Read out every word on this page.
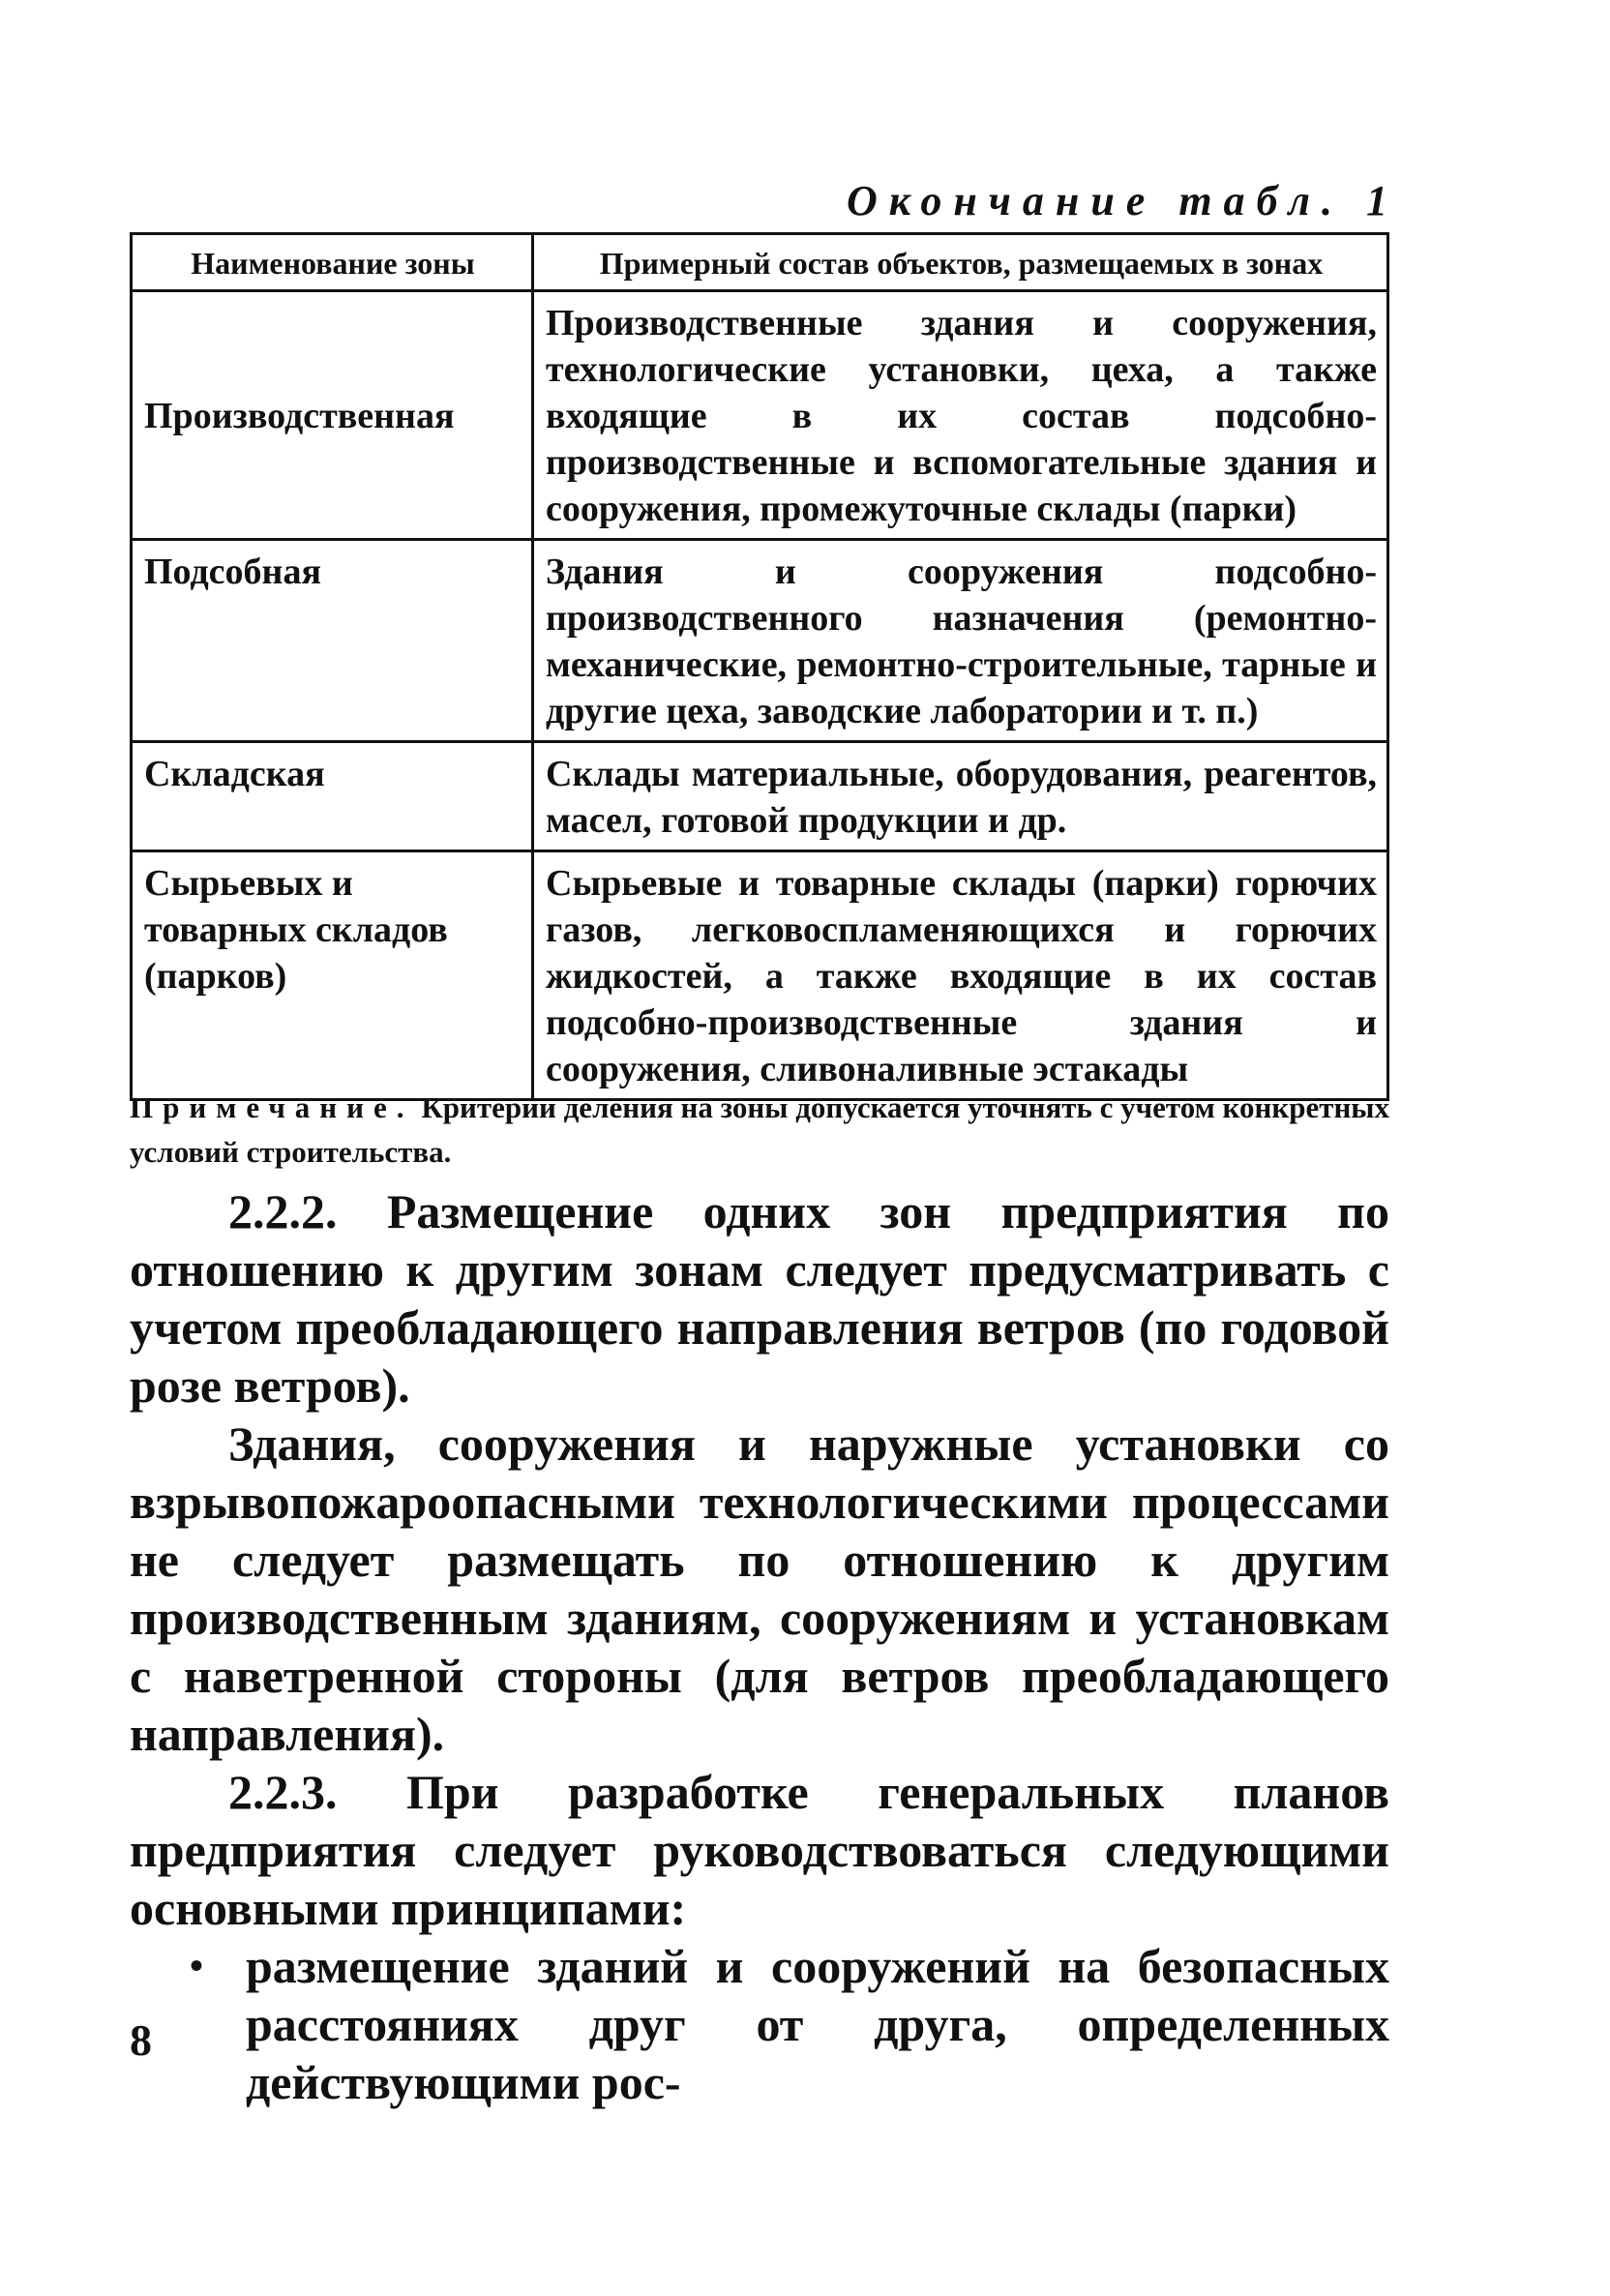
Окончание табл. 1
Наименование зоны	Примерный состав объектов, размещаемых в зонах
Производственная	Производственные здания и сооружения, технологические установки, цеха, а также входящие в их состав подсобно-производственные и вспомогательные здания и сооружения, промежуточные склады (парки)
Подсобная	Здания и сооружения подсобно-производственного назначения (ремонтно-механические, ремонтно-строительные, тарные и другие цеха, заводские лаборатории и т. п.)
Складская	Склады материальные, оборудования, реагентов, масел, готовой продукции и др.
Сырьевых и товарных складов (парков)	Сырьевые и товарные склады (парки) горючих газов, легковоспламеняющихся и горючих жидкостей, а также входящие в их состав подсобно-производственные здания и сооружения, сливоналивные эстакады
Примечание. Критерии деления на зоны допускается уточнять с учетом конкретных условий строительства.

2.2.2. Размещение одних зон предприятия по отношению к другим зонам следует предусматривать с учетом преобладающего направления ветров (по годовой розе ветров).

Здания, сооружения и наружные установки со взрывопожароопасными технологическими процессами не следует размещать по отношению к другим производственным зданиям, сооружениям и установкам с наветренной стороны (для ветров преобладающего направления).

2.2.3. При разработке генеральных планов предприятия следует руководствоваться следующими основными принципами:

• размещение зданий и сооружений на безопасных расстояниях друг от друга, определенных действующими рос-

8
